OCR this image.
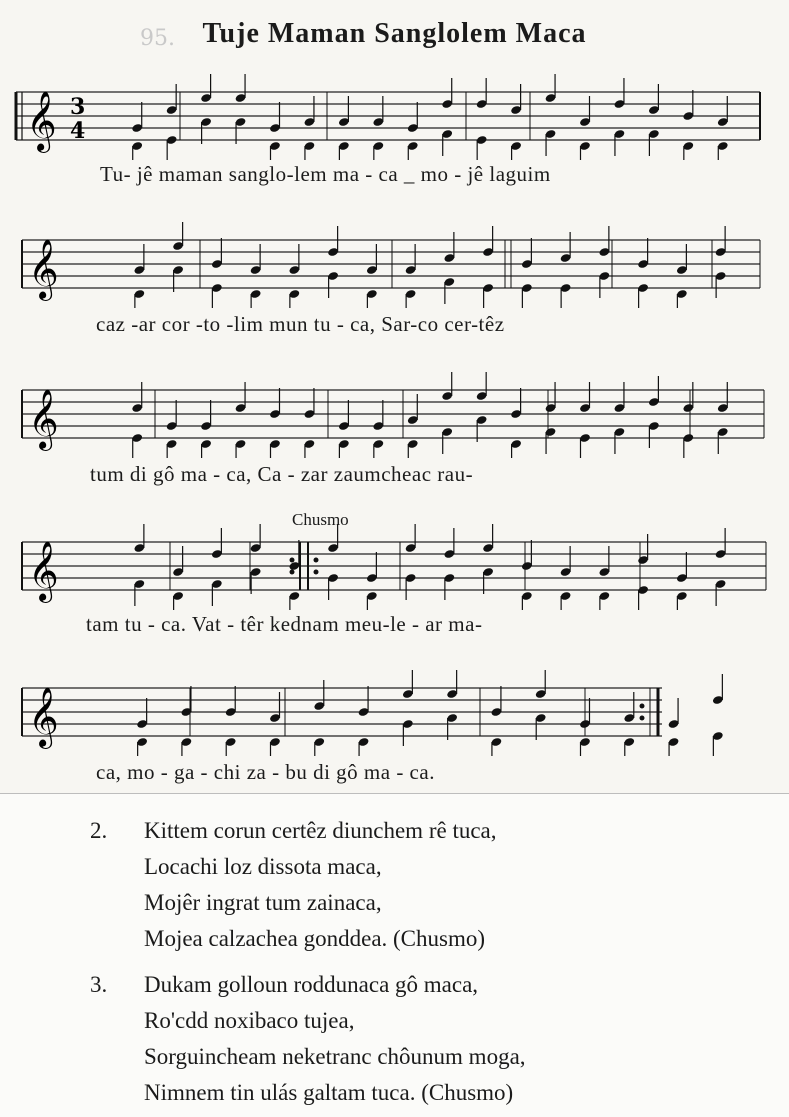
95. Tuje Maman Sanglolem Maca
𝄞 3
4
Tu- jê maman sanglo-lem ma - ca _ mo - jê laguim
𝄞
caz -ar cor -to -lim mun tu - ca, Sar-co cer-têz
𝄞
tum di gô ma - ca, Ca - zar zaumcheac rau-
𝄞
Chusmo
tam tu - ca. Vat - têr kednam meu-le - ar ma-
𝄞
ca, mo - ga - chi za - bu di gô ma - ca.
2.	Kittem corun certêz diunchem rê tuca,
Locachi loz dissota maca,
Mojêr ingrat tum zainaca,
Mojea calzachea gonddea. (Chusmo)
3.	Dukam golloun roddunaca gô maca,
Ro'cdd noxibaco tujea,
Sorguincheam neketranc chôunum moga,
Nimnem tin ulás galtam tuca. (Chusmo)
